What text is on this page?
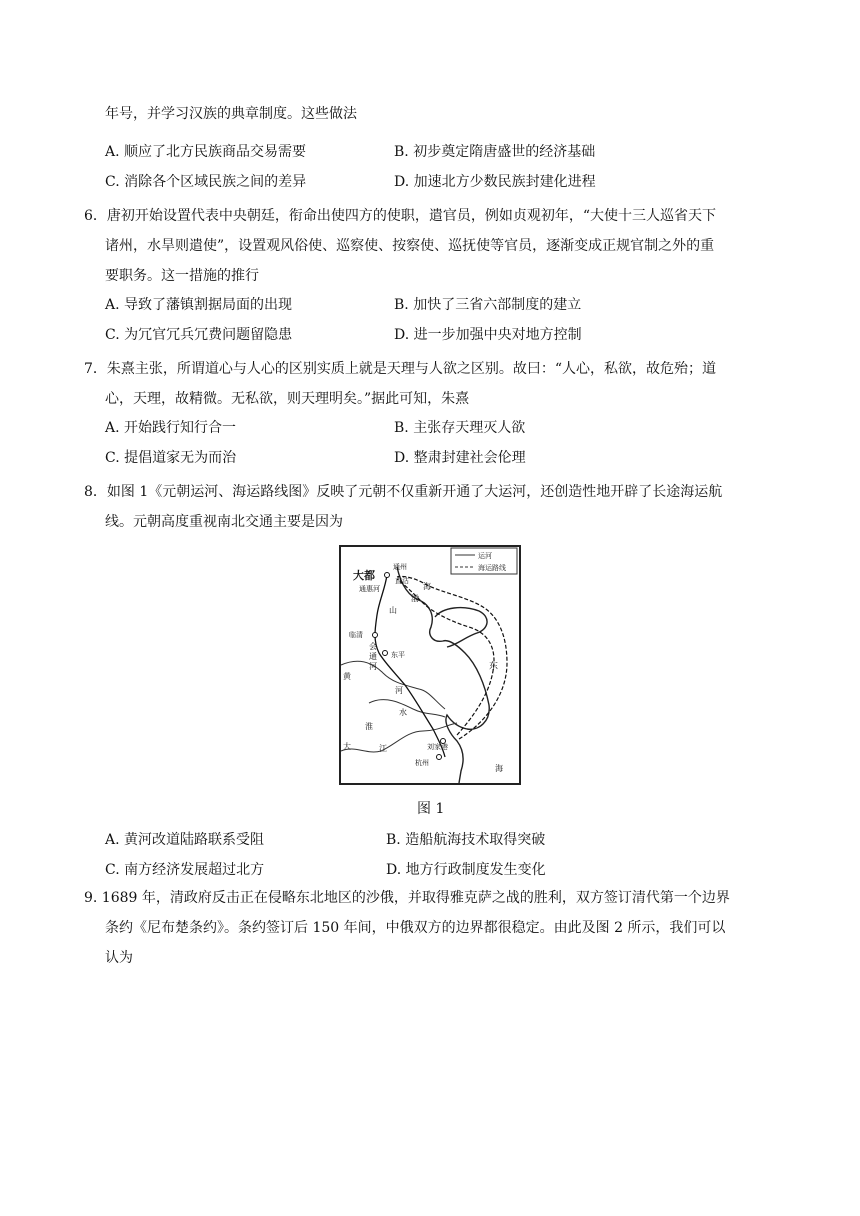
年号，并学习汉族的典章制度。这些做法
A. 顺应了北方民族商品交易需要	B. 初步奠定隋唐盛世的经济基础
C. 消除各个区域民族之间的差异	D. 加速北方少数民族封建化进程
6．唐初开始设置代表中央朝廷，衔命出使四方的使职，遣官员，例如贞观初年，“大使十三人巡省天下
诸州，水旱则遣使”，设置观风俗使、巡察使、按察使、巡抚使等官员，逐渐变成正规官制之外的重
要职务。这一措施的推行
A. 导致了藩镇割据局面的出现	B. 加快了三省六部制度的建立
C. 为冗官冗兵冗费问题留隐患	D. 进一步加强中央对地方控制
7．朱熹主张，所谓道心与人心的区别实质上就是天理与人欲之区别。故曰：“人心，私欲，故危殆；道
心，天理，故精微。无私欲，则天理明矣。”据此可知，朱熹
A. 开始践行知行合一	B. 主张存天理灭人欲
C. 提倡道家无为而治	D. 整肃封建社会伦理
8．如图 1《元朝运河、海运路线图》反映了元朝不仅重新开通了大运河，还创造性地开辟了长途海运航
线。元朝高度重视南北交通主要是因为
运河
海运路线
大都
通州
直沽
通惠河	海
渤
山
临清
会
通
河
东平
东
黄
河
水
淮
江
大	刘家港
杭州
海
图 1
A. 黄河改道陆路联系受阻	B. 造船航海技术取得突破
C. 南方经济发展超过北方	D. 地方行政制度发生变化
9. 1689 年，清政府反击正在侵略东北地区的沙俄，并取得雅克萨之战的胜利，双方签订清代第一个边界
条约《尼布楚条约》。条约签订后 150 年间，中俄双方的边界都很稳定。由此及图 2 所示，我们可以
认为
